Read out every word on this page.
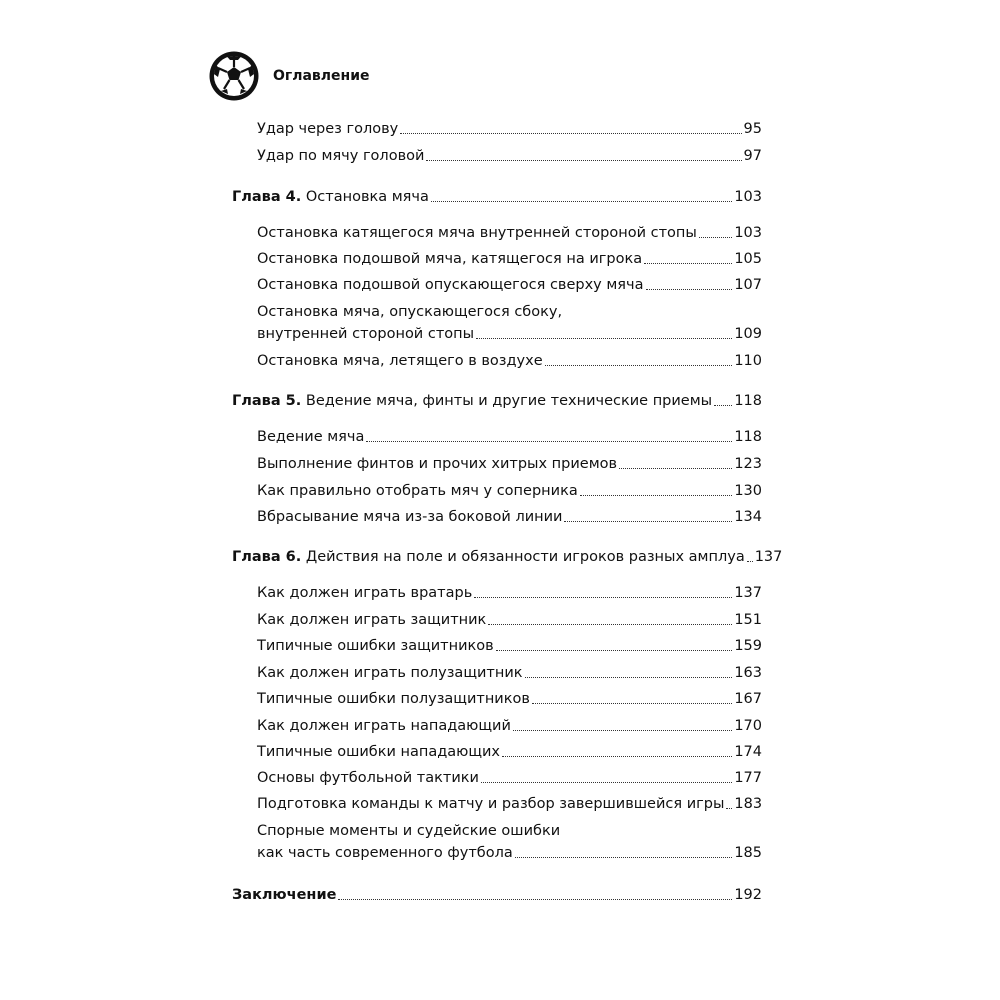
Оглавление
Удар через голову	95
Удар по мячу головой	97
Глава 4. Остановка мяча	103
Остановка катящегося мяча внутренней стороной стопы	103
Остановка подошвой мяча, катящегося на игрока	105
Остановка подошвой опускающегося сверху мяча	107
Остановка мяча, опускающегося сбоку,
внутренней стороной стопы	109
Остановка мяча, летящего в воздухе	110
Глава 5. Ведение мяча, финты и другие технические приемы 118
Ведение мяча	118
Выполнение финтов и прочих хитрых приемов	123
Как правильно отобрать мяч у соперника	130
Вбрасывание мяча из-за боковой линии	134
Глава 6. Действия на поле и обязанности игроков разных амплуа 137
Как должен играть вратарь	137
Как должен играть защитник	151
Типичные ошибки защитников	159
Как должен играть полузащитник	163
Типичные ошибки полузащитников	167
Как должен играть нападающий	170
Типичные ошибки нападающих	174
Основы футбольной тактики	177
Подготовка команды к матчу и разбор завершившейся игры 183
Спорные моменты и судейские ошибки
как часть современного футбола	185
Заключение	192
